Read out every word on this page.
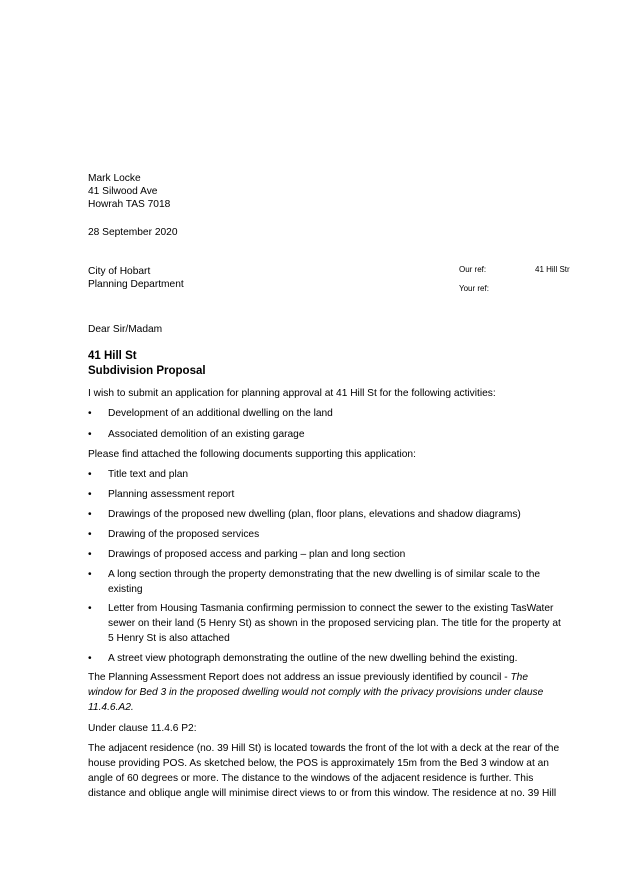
Mark Locke
41 Silwood Ave
Howrah TAS 7018
28 September 2020
City of Hobart
Planning Department
Our ref:	41 Hill Str
Your ref:
Dear Sir/Madam
41 Hill St
Subdivision Proposal
I wish to submit an application for planning approval at 41 Hill St for the following activities:
• Development of an additional dwelling on the land
• Associated demolition of an existing garage
Please find attached the following documents supporting this application:
• Title text and plan
• Planning assessment report
• Drawings of the proposed new dwelling (plan, floor plans, elevations and shadow diagrams)
• Drawing of the proposed services
• Drawings of proposed access and parking – plan and long section
• A long section through the property demonstrating that the new dwelling is of similar scale to the
existing
• Letter from Housing Tasmania confirming permission to connect the sewer to the existing TasWater
sewer on their land (5 Henry St) as shown in the proposed servicing plan. The title for the property at
5 Henry St is also attached
• A street view photograph demonstrating the outline of the new dwelling behind the existing.
The Planning Assessment Report does not address an issue previously identified by council - The
window for Bed 3 in the proposed dwelling would not comply with the privacy provisions under clause
11.4.6.A2.
Under clause 11.4.6 P2:
The adjacent residence (no. 39 Hill St) is located towards the front of the lot with a deck at the rear of the
house providing POS. As sketched below, the POS is approximately 15m from the Bed 3 window at an
angle of 60 degrees or more. The distance to the windows of the adjacent residence is further. This
distance and oblique angle will minimise direct views to or from this window. The residence at no. 39 Hill
